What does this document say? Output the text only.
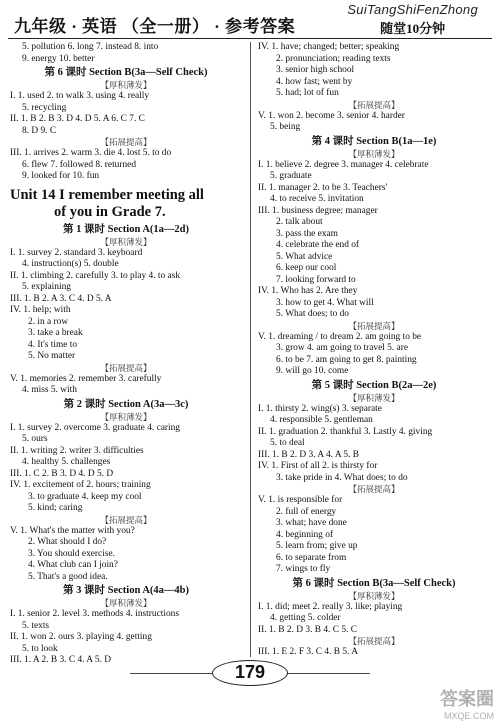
九年级 · 英语 （全一册） · 参考答案
SuiTangShiFenZhong
随堂10分钟
5. pollution 6. long 7. instead 8. into
9. energy 10. better
第 6 课时 Section B(3a—Self Check)
【厚积薄发】
I. 1. used 2. to walk 3. using 4. really
5. recycling
II. 1. B 2. B 3. D 4. D 5. A 6. C 7. C
8. D 9. C
【拓展提高】
III. 1. arrives 2. warm 3. die 4. lost 5. to do
6. flew 7. followed 8. returned
9. looked for 10. fun
Unit 14 I remember meeting all
of you in Grade 7.
第 1 课时 Section A(1a—2d)
【厚积薄发】
I. 1. survey 2. standard 3. keyboard
4. instruction(s) 5. double
II. 1. climbing 2. carefully 3. to play 4. to ask
5. explaining
III. 1. B 2. A 3. C 4. D 5. A
IV. 1. help; with
2. in a row
3. take a break
4. It's time to
5. No matter
【拓展提高】
V. 1. memories 2. remember 3. carefully
4. miss 5. with
第 2 课时 Section A(3a—3c)
【厚积薄发】
I. 1. survey 2. overcome 3. graduate 4. caring
5. ours
II. 1. writing 2. writer 3. difficulties
4. healthy 5. challenges
III. 1. C 2. B 3. D 4. D 5. D
IV. 1. excitement of 2. hours; training
3. to graduate 4. keep my cool
5. kind; caring
【拓展提高】
V. 1. What's the matter with you?
2. What should I do?
3. You should exercise.
4. What club can I join?
5. That's a good idea.
第 3 课时 Section A(4a—4b)
【厚积薄发】
I. 1. senior 2. level 3. methods 4. instructions
5. texts
II. 1. won 2. ours 3. playing 4. getting
5. to look
III. 1. A 2. B 3. C 4. A 5. D
IV. 1. have; changed; better; speaking
2. pronunciation; reading texts
3. senior high school
4. how fast; went by
5. had; lot of fun
【拓展提高】
V. 1. won 2. become 3. senior 4. harder
5. being
第 4 课时 Section B(1a—1e)
【厚积薄发】
I. 1. believe 2. degree 3. manager 4. celebrate
5. graduate
II. 1. manager 2. to be 3. Teachers'
4. to receive 5. invitation
III. 1. business degree; manager
2. talk about
3. pass the exam
4. celebrate the end of
5. What advice
6. keep our cool
7. looking forward to
IV. 1. Who has 2. Are they
3. how to get 4. What will
5. What does; to do
【拓展提高】
V. 1. dreaming / to dream 2. am going to be
3. grow 4. am going to travel 5. are
6. to be 7. am going to get 8. painting
9. will go 10. come
第 5 课时 Section B(2a—2e)
【厚积薄发】
I. 1. thirsty 2. wing(s) 3. separate
4. responsible 5. gentleman
II. 1. graduation 2. thankful 3. Lastly 4. giving
5. to deal
III. 1. B 2. D 3. A 4. A 5. B
IV. 1. First of all 2. is thirsty for
3. take pride in 4. What does; to do
【拓展提高】
V. 1. is responsible for
2. full of energy
3. what; have done
4. beginning of
5. learn from; give up
6. to separate from
7. wings to fly
第 6 课时 Section B(3a—Self Check)
【厚积薄发】
I. 1. did; meet 2. really 3. like; playing
4. getting 5. colder
II. 1. B 2. D 3. B 4. C 5. C
【拓展提高】
III. 1. E 2. F 3. C 4. B 5. A
179
答案圈
MXQE.COM
